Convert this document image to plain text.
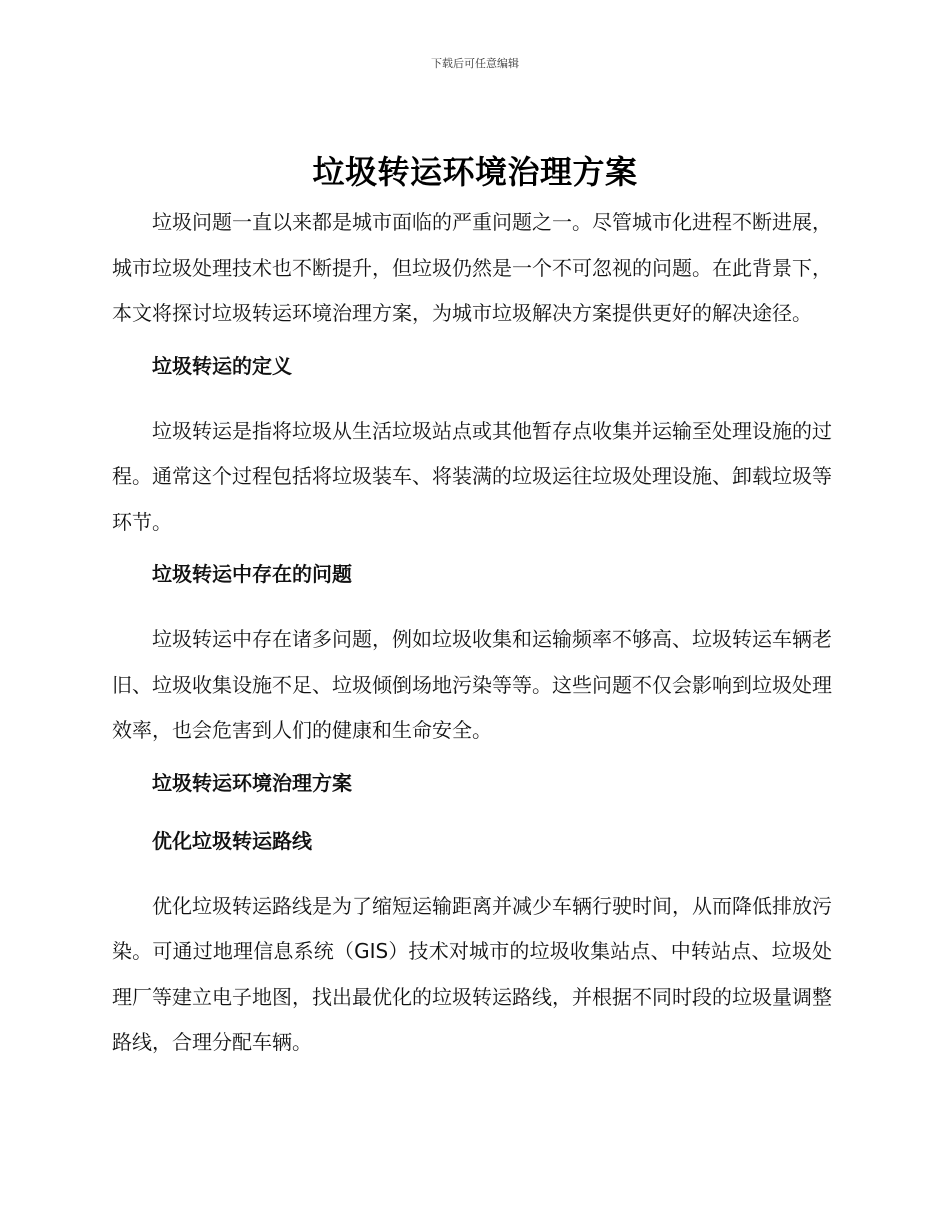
下载后可任意编辑
垃圾转运环境治理方案

垃圾问题一直以来都是城市面临的严重问题之一。尽管城市化进程不断进展，城市垃圾处理技术也不断提升，但垃圾仍然是一个不可忽视的问题。在此背景下，本文将探讨垃圾转运环境治理方案，为城市垃圾解决方案提供更好的解决途径。

垃圾转运的定义

垃圾转运是指将垃圾从生活垃圾站点或其他暂存点收集并运输至处理设施的过程。通常这个过程包括将垃圾装车、将装满的垃圾运往垃圾处理设施、卸载垃圾等环节。

垃圾转运中存在的问题

垃圾转运中存在诸多问题，例如垃圾收集和运输频率不够高、垃圾转运车辆老旧、垃圾收集设施不足、垃圾倾倒场地污染等等。这些问题不仅会影响到垃圾处理效率，也会危害到人们的健康和生命安全。

垃圾转运环境治理方案
优化垃圾转运路线

优化垃圾转运路线是为了缩短运输距离并减少车辆行驶时间，从而降低排放污染。可通过地理信息系统（GIS）技术对城市的垃圾收集站点、中转站点、垃圾处理厂等建立电子地图，找出最优化的垃圾转运路线，并根据不同时段的垃圾量调整路线，合理分配车辆。
